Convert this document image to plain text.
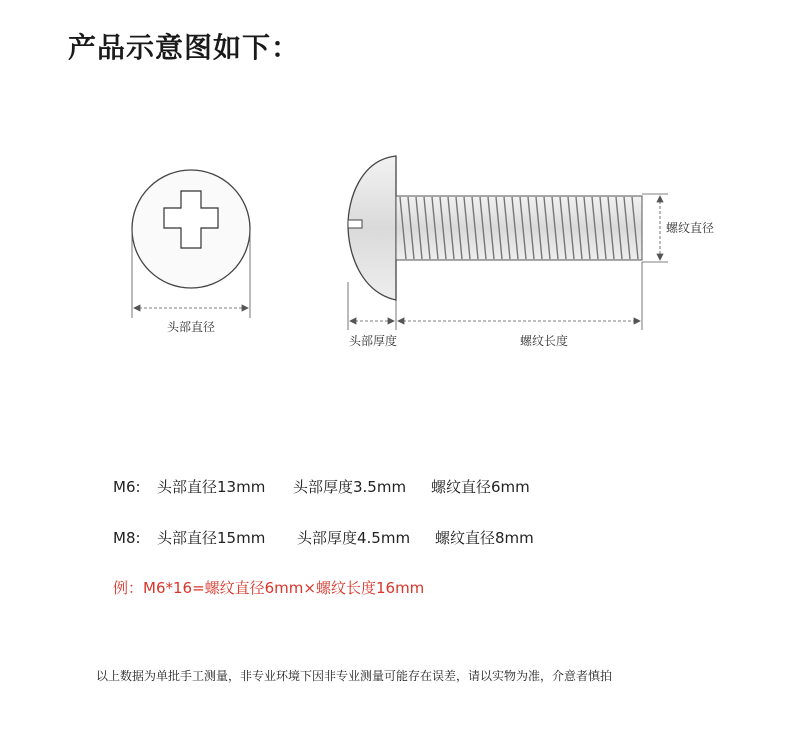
产品示意图如下：
头部直径
头部厚度	螺纹长度
螺纹直径
M6: 头部直径13mm 头部厚度3.5mm 螺纹直径6mm
M8: 头部直径15mm 头部厚度4.5mm 螺纹直径8mm
例：M6*16=螺纹直径6mm×螺纹长度16mm
以上数据为单批手工测量，非专业环境下因非专业测量可能存在误差，请以实物为准，介意者慎拍
